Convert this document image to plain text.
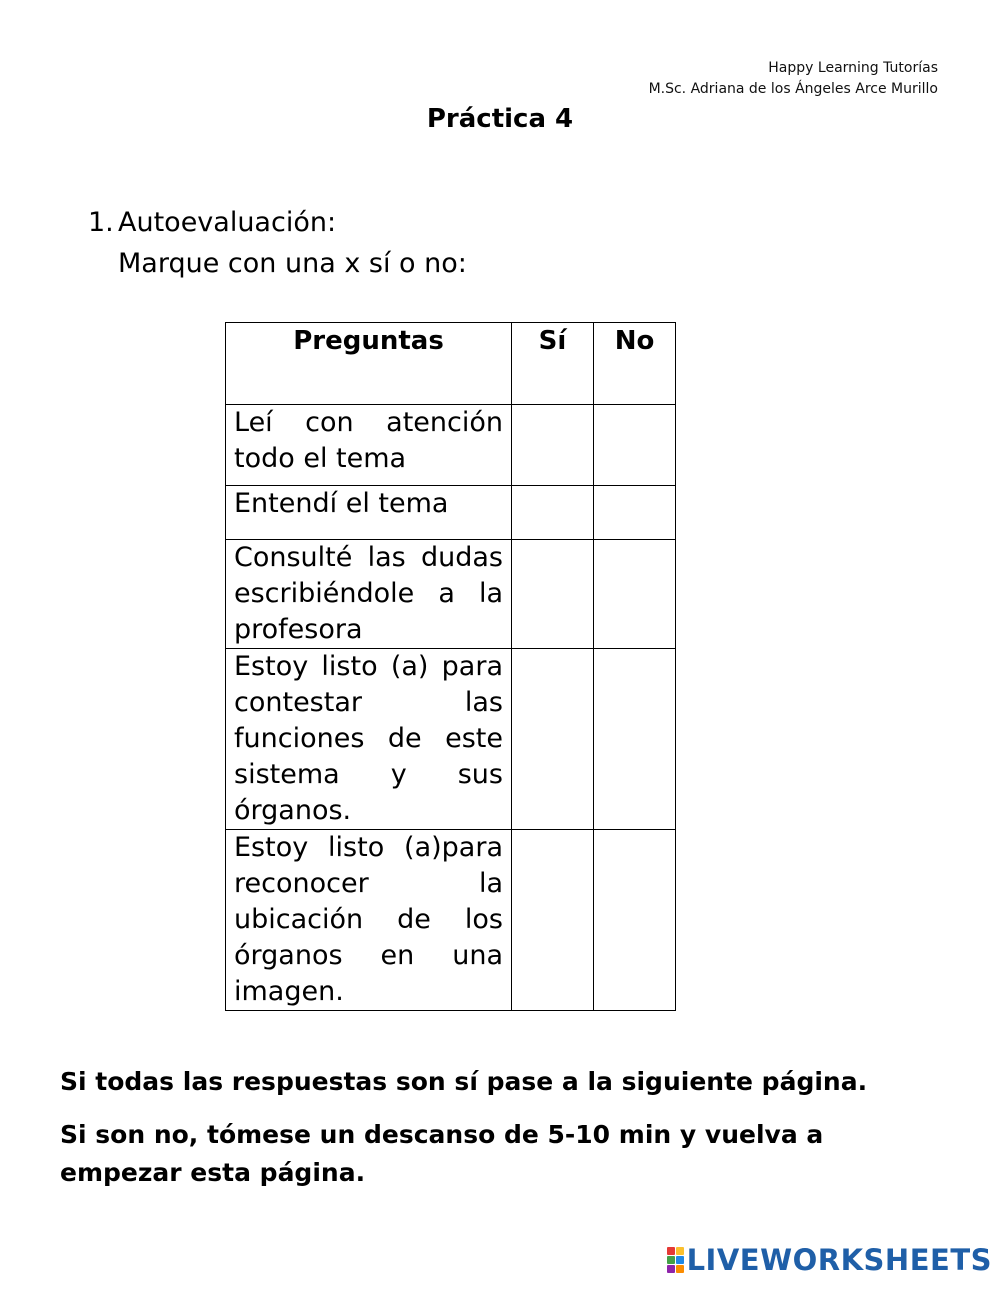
Happy Learning Tutorías
M.Sc. Adriana de los Ángeles Arce Murillo
Práctica 4
1. Autoevaluación:
Marque con una x sí o no:
Preguntas	Sí	No

Leí con atención todo el tema		

Entendí el tema		

Consulté las dudas escribiéndole a la profesora		

Estoy listo (a) para contestar las funciones de este sistema y sus órganos.		

Estoy listo (a)para reconocer la ubicación de los órganos en una imagen.		

Si todas las respuestas son sí pase a la siguiente página.
Si son no, tómese un descanso de 5-10 min y vuelva a empezar esta página.
LIVEWORKSHEETS
